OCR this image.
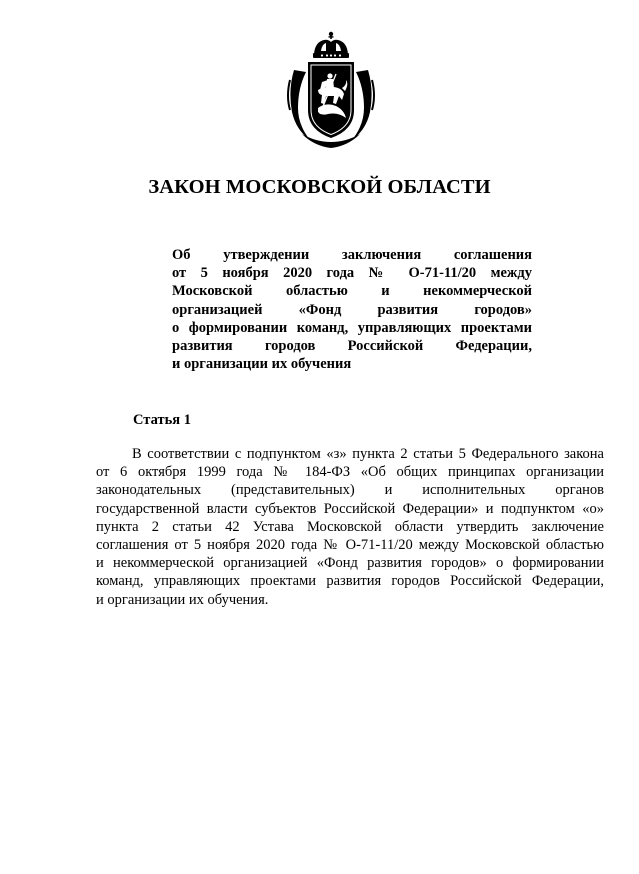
ЗАКОН МОСКОВСКОЙ ОБЛАСТИ
Об утверждении заключения соглашения
от 5 ноября 2020 года № О-71-11/20 между
Московской областью и некоммерческой
организацией «Фонд развития городов»
о формировании команд, управляющих проектами
развития городов Российской Федерации,
и организации их обучения
Статья 1
В соответствии с подпунктом «з» пункта 2 статьи 5 Федерального закона
от 6 октября 1999 года № 184-ФЗ «Об общих принципах организации
законодательных (представительных) и исполнительных органов
государственной власти субъектов Российской Федерации» и подпунктом «о»
пункта 2 статьи 42 Устава Московской области утвердить заключение
соглашения от 5 ноября 2020 года № О-71-11/20 между Московской областью
и некоммерческой организацией «Фонд развития городов» о формировании
команд, управляющих проектами развития городов Российской Федерации,
и организации их обучения.
